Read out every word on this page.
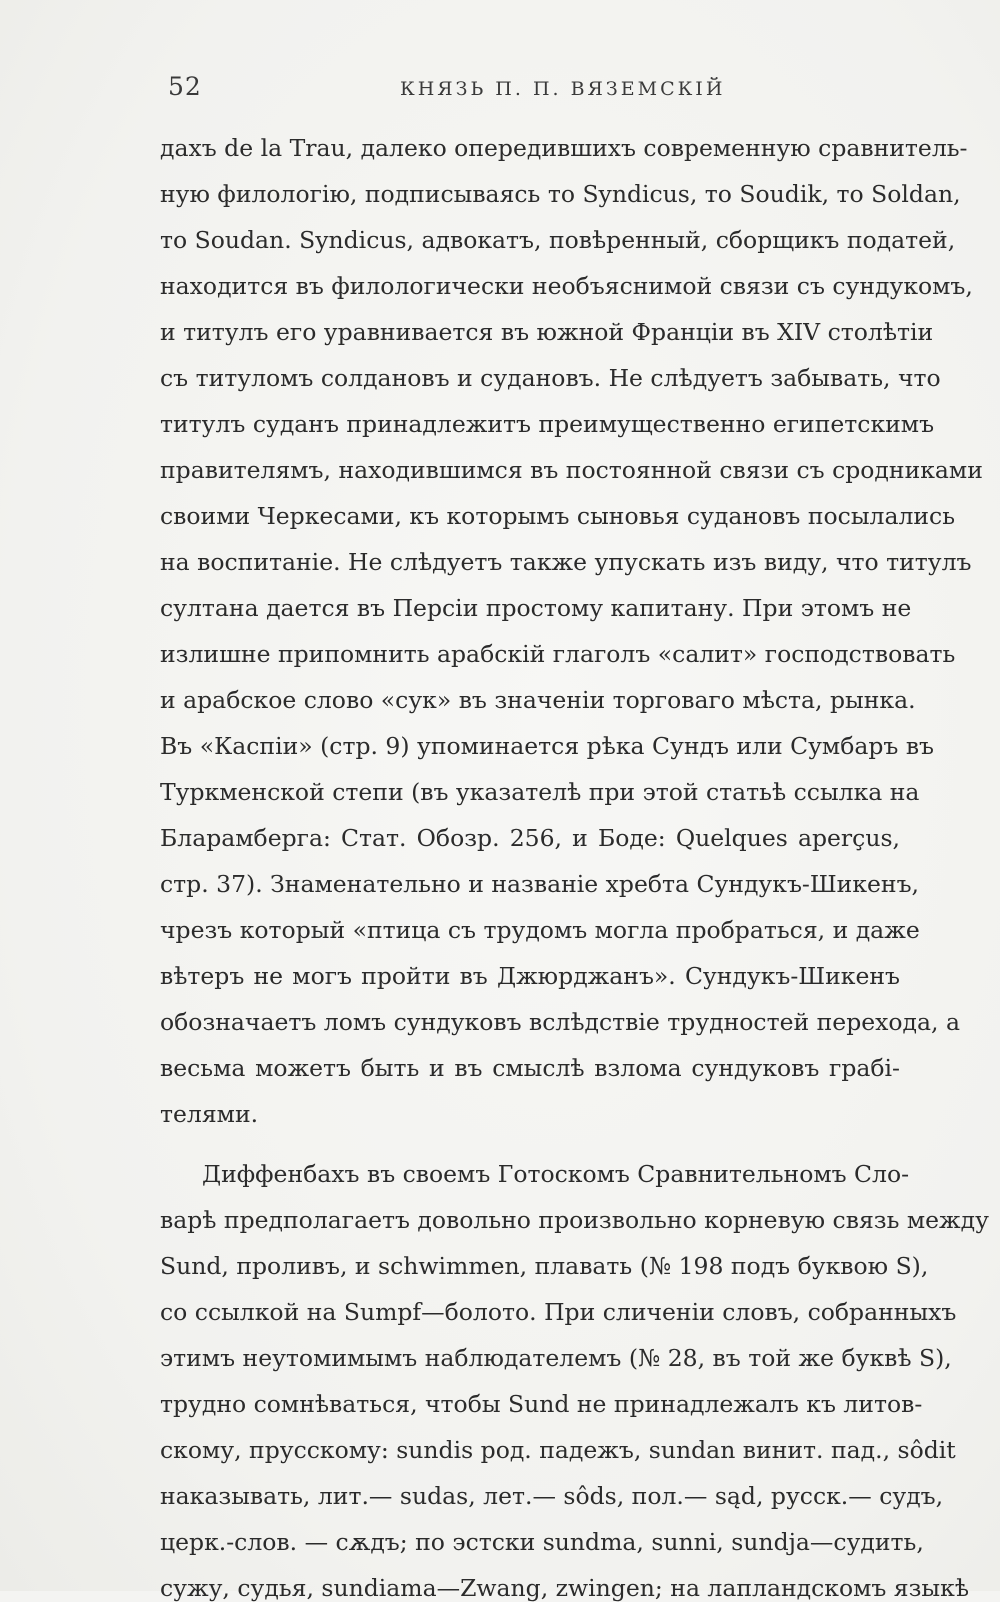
52	КНЯЗЬ П. П. ВЯЗЕМСКІЙ
дахъ de la Trau, далеко опередившихъ современную сравнитель-
ную филологію, подписываясь то Syndicus, то Soudik, то Soldan,
то Soudan. Syndicus, адвокатъ, повѣренный, сборщикъ податей,
находится въ филологически необъяснимой связи съ сундукомъ,
и титулъ его уравнивается въ южной Франціи въ XIV столѣтіи
съ титуломъ солдановъ и судановъ. Не слѣдуетъ забывать, что
титулъ суданъ принадлежитъ преимущественно египетскимъ
правителямъ, находившимся въ постоянной связи съ сродниками
своими Черкесами, къ которымъ сыновья судановъ посылались
на воспитаніе. Не слѣдуетъ также упускать изъ виду, что титулъ
султана дается въ Персіи простому капитану. При этомъ не
излишне припомнить арабскій глаголъ «салит» господствовать
и арабское слово «сук» въ значеніи торговаго мѣста, рынка.
Въ «Каспіи» (стр. 9) упоминается рѣка Сундъ или Сумбаръ въ
Туркменской степи (въ указателѣ при этой статьѣ ссылка на
Бларамберга: Стат. Обозр. 256, и Боде: Quelques aperçus,
стр. 37). Знаменательно и названіе хребта Сундукъ-Шикенъ,
чрезъ который «птица съ трудомъ могла пробраться, и даже
вѣтеръ не могъ пройти въ Джюрджанъ». Сундукъ-Шикенъ
обозначаетъ ломъ сундуковъ вслѣдствіе трудностей перехода, а
весьма можетъ быть и въ смыслѣ взлома сундуковъ грабі-
телями.
Диффенбахъ въ своемъ Готоскомъ Сравнительномъ Сло-
варѣ предполагаетъ довольно произвольно корневую связь между
Sund, проливъ, и schwimmen, плавать (№ 198 подъ буквою S),
со ссылкой на Sumpf—болото. При сличеніи словъ, собранныхъ
этимъ неутомимымъ наблюдателемъ (№ 28, въ той же буквѣ S),
трудно сомнѣваться, чтобы Sund не принадлежалъ къ литов-
скому, прусскому: sundis род. падежъ, sundan винит. пад., sôdit
наказывать, лит.— sudas, лет.— sôds, пол.— sąd, русск.— судъ,
церк.-слов. — сѫдъ; по эстски sundma, sunni, sundja—судить,
сужу, судья, sundiama—Zwang, zwingen; на лапландскомъ языкѣ
